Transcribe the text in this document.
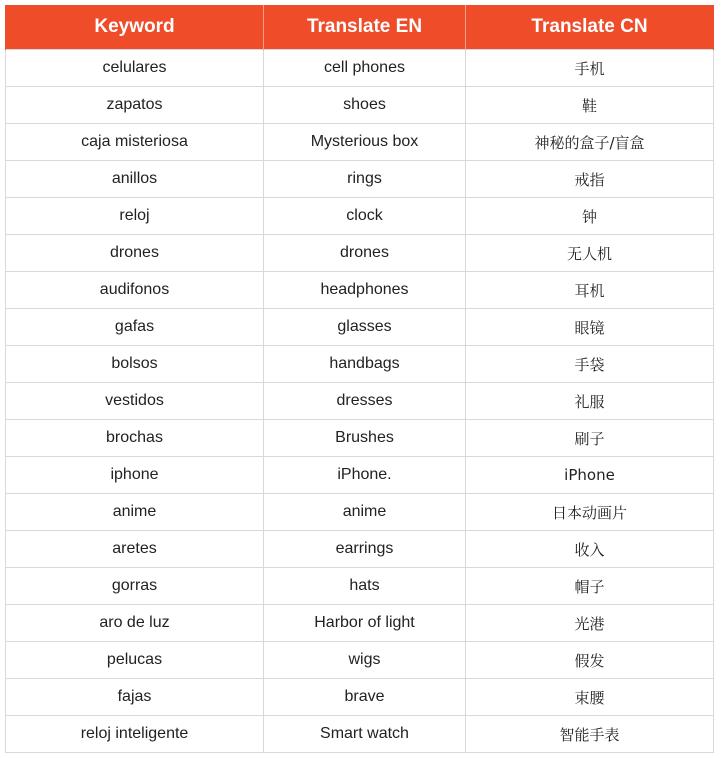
Keyword	Translate EN	Translate CN
celulares	cell phones	手机
zapatos	shoes	鞋
caja misteriosa	Mysterious box	神秘的盒子/盲盒
anillos	rings	戒指
reloj	clock	钟
drones	drones	无人机
audifonos	headphones	耳机
gafas	glasses	眼镜
bolsos	handbags	手袋
vestidos	dresses	礼服
brochas	Brushes	刷子
iphone	iPhone.	iPhone
anime	anime	日本动画片
aretes	earrings	收入
gorras	hats	帽子
aro de luz	Harbor of light	光港
pelucas	wigs	假发
fajas	brave	束腰
reloj inteligente	Smart watch	智能手表
